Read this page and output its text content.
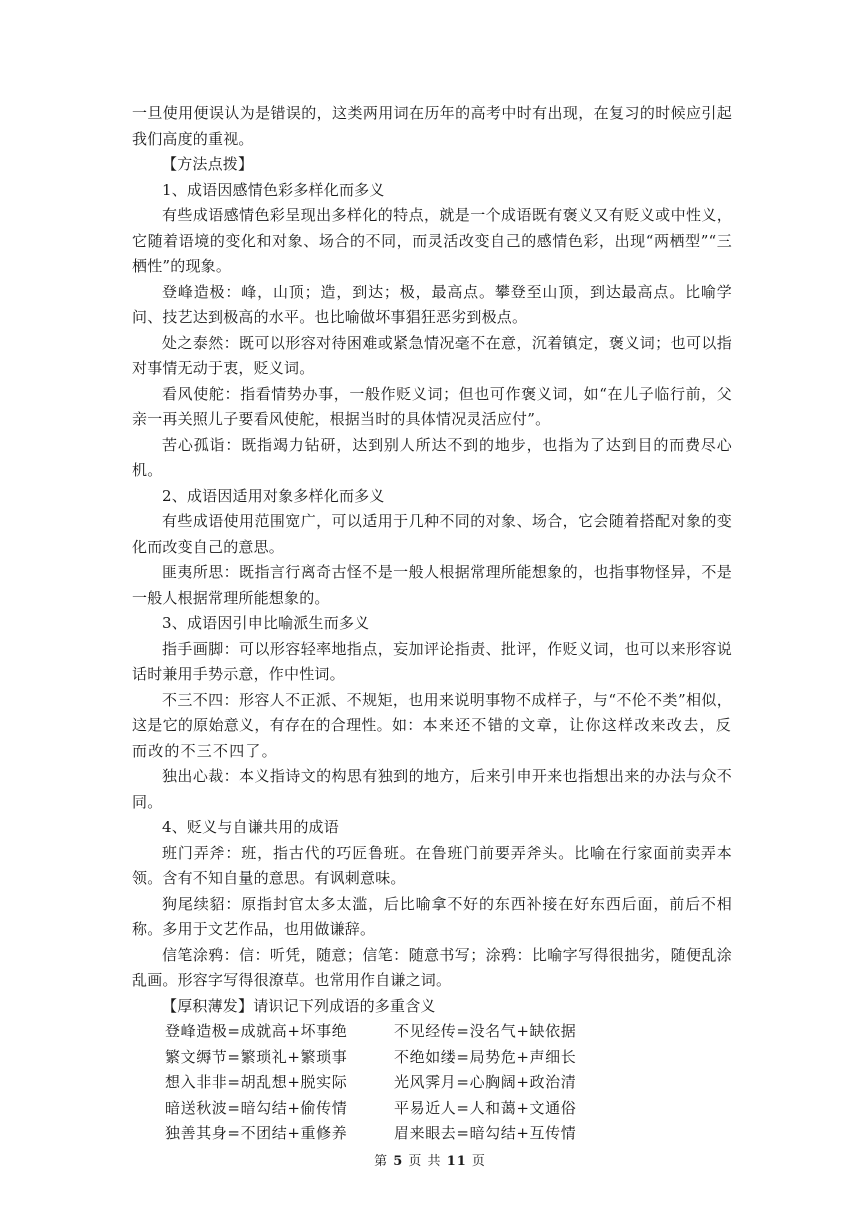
一旦使用便误认为是错误的，这类两用词在历年的高考中时有出现，在复习的时候应引起我们高度的重视。

【方法点拨】

1、成语因感情色彩多样化而多义

有些成语感情色彩呈现出多样化的特点，就是一个成语既有褒义又有贬义或中性义，它随着语境的变化和对象、场合的不同，而灵活改变自己的感情色彩，出现“两栖型”“三栖性”的现象。

登峰造极：峰，山顶；造，到达；极，最高点。攀登至山顶，到达最高点。比喻学问、技艺达到极高的水平。也比喻做坏事猖狂恶劣到极点。

处之泰然：既可以形容对待困难或紧急情况毫不在意，沉着镇定，褒义词；也可以指对事情无动于衷，贬义词。

看风使舵：指看情势办事，一般作贬义词；但也可作褒义词，如“在儿子临行前，父亲一再关照儿子要看风使舵，根据当时的具体情况灵活应付”。

苦心孤诣：既指竭力钻研，达到别人所达不到的地步，也指为了达到目的而费尽心机。

2、成语因适用对象多样化而多义

有些成语使用范围宽广，可以适用于几种不同的对象、场合，它会随着搭配对象的变化而改变自己的意思。

匪夷所思：既指言行离奇古怪不是一般人根据常理所能想象的，也指事物怪异，不是一般人根据常理所能想象的。

3、成语因引申比喻派生而多义

指手画脚：可以形容轻率地指点，妄加评论指责、批评，作贬义词，也可以来形容说话时兼用手势示意，作中性词。

不三不四：形容人不正派、不规矩，也用来说明事物不成样子，与“不伦不类”相似，这是它的原始意义，有存在的合理性。如：本来还不错的文章，让你这样改来改去，反而改的不三不四了。

独出心裁：本义指诗文的构思有独到的地方，后来引申开来也指想出来的办法与众不同。

4、贬义与自谦共用的成语

班门弄斧：班，指古代的巧匠鲁班。在鲁班门前要弄斧头。比喻在行家面前卖弄本领。含有不知自量的意思。有讽刺意味。

狗尾续貂：原指封官太多太滥，后比喻拿不好的东西补接在好东西后面，前后不相称。多用于文艺作品，也用做谦辞。

信笔涂鸦：信：听凭，随意；信笔：随意书写；涂鸦：比喻字写得很拙劣，随便乱涂乱画。形容字写得很潦草。也常用作自谦之词。

【厚积薄发】请识记下列成语的多重含义

登峰造极=成就高+坏事绝	不见经传=没名气+缺依据
繁文缛节=繁琐礼+繁琐事	不绝如缕=局势危+声细长
想入非非=胡乱想+脱实际	光风霁月=心胸阔+政治清
暗送秋波=暗勾结+偷传情	平易近人=人和蔼+文通俗
独善其身=不团结+重修养	眉来眼去=暗勾结+互传情
第 5 页 共 11 页
